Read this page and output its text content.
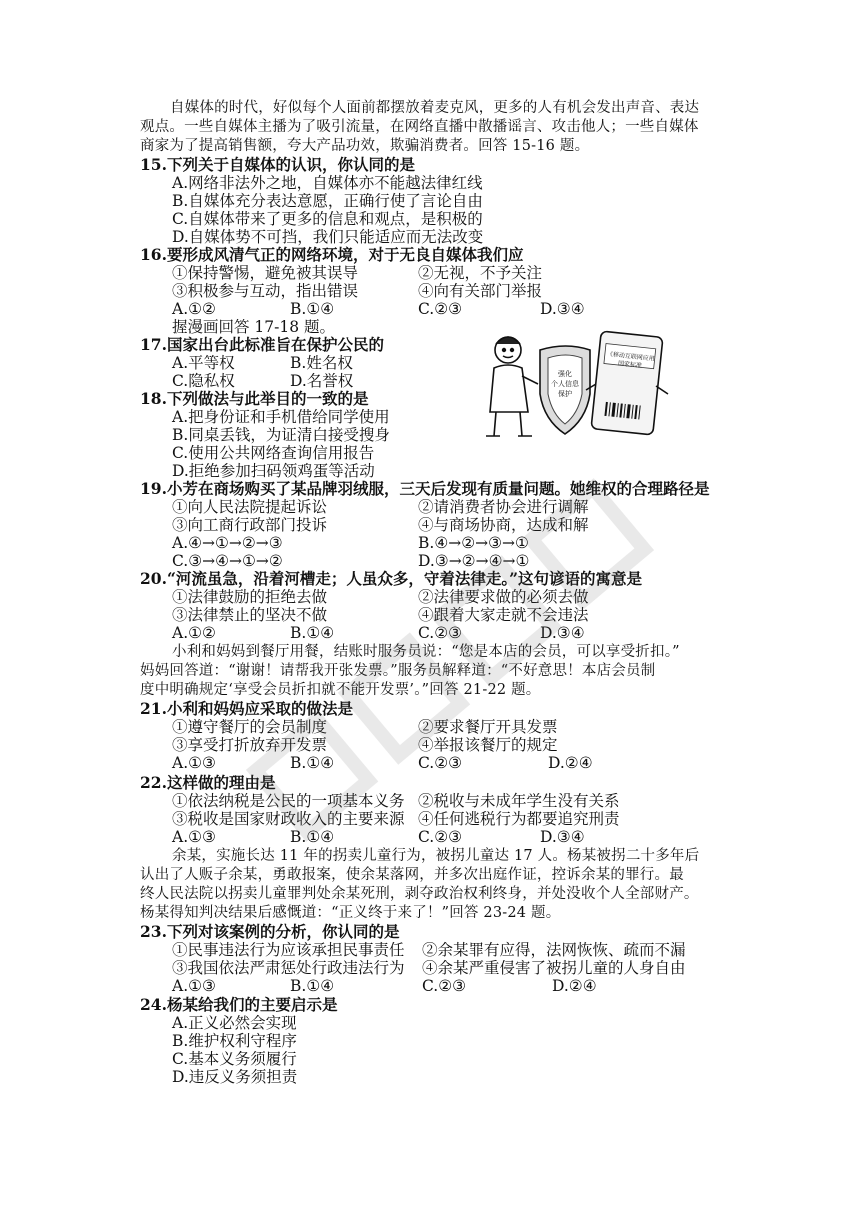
自媒体的时代，好似每个人面前都摆放着麦克风，更多的人有机会发出声音、表达
观点。一些自媒体主播为了吸引流量，在网络直播中散播谣言、攻击他人；一些自媒体
商家为了提高销售额，夸大产品功效，欺骗消费者。回答 15-16 题。
15.下列关于自媒体的认识，你认同的是
A.网络非法外之地，自媒体亦不能越法律红线
B.自媒体充分表达意愿，正确行使了言论自由
C.自媒体带来了更多的信息和观点，是积极的
D.自媒体势不可挡，我们只能适应而无法改变
16.要形成风清气正的网络环境，对于无良自媒体我们应
①保持警惕，避免被其误导	②无视，不予关注
③积极参与互动，指出错误	④向有关部门举报
A.①②	B.①④	C.②③	D.③④
握漫画回答 17-18 题。
17.国家出台此标准旨在保护公民的
A.平等权	B.姓名权
C.隐私权	D.名誉权	强化
个人信息
保护
《移动互联网应用
国家标准
18.下列做法与此举目的一致的是
A.把身份证和手机借给同学使用
B.同桌丢钱，为证清白接受搜身
C.使用公共网络查询信用报告
D.拒绝参加扫码领鸡蛋等活动
19.小芳在商场购买了某品牌羽绒服，三天后发现有质量问题。她维权的合理路径是
①向人民法院提起诉讼	②请消费者协会进行调解
③向工商行政部门投诉	④与商场协商，达成和解
A.④→①→②→③	B.④→②→③→①
C.③→④→①→②	D.③→②→④→①
20.“河流虽急，沿着河槽走；人虽众多，守着法律走。”这句谚语的寓意是
①法律鼓励的拒绝去做	②法律要求做的必须去做
③法律禁止的坚决不做	④跟着大家走就不会违法
A.①②	B.①④	C.②③	D.③④
小利和妈妈到餐厅用餐，结账时服务员说：“您是本店的会员，可以享受折扣。”
妈妈回答道：“谢谢！请帮我开张发票。”服务员解释道：“不好意思！本店会员制
度中明确规定‘享受会员折扣就不能开发票’。”回答 21-22 题。
21.小利和妈妈应采取的做法是
①遵守餐厅的会员制度	②要求餐厅开具发票
③享受打折放弃开发票	④举报该餐厅的规定
A.①③	B.①④	C.②③	D.②④
22.这样做的理由是
①依法纳税是公民的一项基本义务 ②税收与未成年学生没有关系
③税收是国家财政收入的主要来源 ④任何逃税行为都要追究刑责
A.①③	B.①④	C.②③	D.③④
余某，实施长达 11 年的拐卖儿童行为，被拐儿童达 17 人。杨某被拐二十多年后
认出了人贩子余某，勇敢报案，使余某落网，并多次出庭作证，控诉余某的罪行。最
终人民法院以拐卖儿童罪判处余某死刑，剥夺政治权利终身，并处没收个人全部财产。
杨某得知判决结果后感慨道：“正义终于来了！”回答 23-24 题。
23.下列对该案例的分析，你认同的是
①民事违法行为应该承担民事责任 ②余某罪有应得，法网恢恢、疏而不漏
③我国依法严肃惩处行政违法行为 ④余某严重侵害了被拐儿童的人身自由
A.①③	B.①④	C.②③	D.②④
24.杨某给我们的主要启示是
A.正义必然会实现
B.维护权利守程序
C.基本义务须履行
D.违反义务须担责
